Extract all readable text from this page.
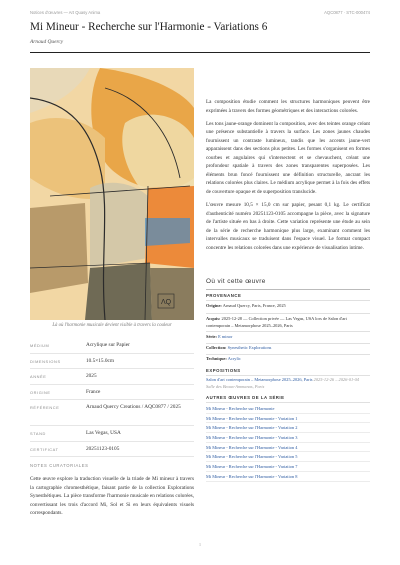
Notices d'œuvres — Art Quasy Anima	AQC0877 · STC-000474
Mi Mineur - Recherche sur l'Harmonie - Variations 6
Arnaud Quercy
ΛQ
Là où l'harmonie musicale devient visible à travers la couleur
MÉDIUM	Acrylique sur Papier
DIMENSIONS	10.5×15.0cm
ANNÉE	2025
ORIGINE	France
RÉFÉRENCE	Arnaud Quercy Creations / AQC0877 / 2025
STAND	Las Vegas, USA
CERTIFICAT	20251123-0105
NOTES CURATORIALES
Cette œuvre explore la traduction visuelle de la triade de Mi mineur à travers la cartographie chromesthétique, faisant partie de la collection Explorations Synesthétiques. La pièce transforme l'harmonie musicale en relations colorées, convertissant les trois d'accord Mi, Sol et Si en leurs équivalents visuels correspondants.

La composition étudie comment les structures harmoniques peuvent être exprimées à travers des formes géométriques et des interactions colorées.

Les tons jaune-orange dominent la composition, avec des teintes orange créant une présence substantielle à travers la surface. Les zones jaunes chaudes fournissent un contraste lumineux, tandis que les accents jaune-vert apparaissent dans des sections plus petites. Les formes s'organisent en formes courbes et angulaires qui s'intersectent et se chevauchent, créant une profondeur spatiale à travers des zones transparentes superposées. Les éléments brun foncé fournissent une définition structurelle, ancrant les relations colorées plus claires. Le médium acrylique permet à la fois des effets de couverture opaque et de superposition translucide.

L'œuvre mesure 10,5 × 15,0 cm sur papier, pesant 0,1 kg. Le certificat d'authenticité numéro 20251123-0105 accompagne la pièce, avec la signature de l'artiste située en bas à droite. Cette variation représente une étude au sein de la série de recherche harmonique plus large, examinant comment les intervalles musicaux se traduisent dans l'espace visuel. Le format compact concentre les relations colorées dans une expérience de visualisation intime.

Où vit cette œuvre
PROVENANCE
Origine: Arnaud Quercy, Paris, France, 2025
Acquis: 2025-12-28 — Collection privée — Las Vegas, USA lors de Salon d'art contemporain – Metamorphose 2025–2026, Paris
Série: E minor
Collection: Synesthetic Explorations
Technique: Acrylic
EXPOSITIONS
Salon d'art contemporain – Metamorphose 2025–2026, Paris 2025-12-26 – 2026-01-04
Salle des Beaux-Ammanas, Paris
AUTRES ŒUVRES DE LA SÉRIE
Mi Mineur - Recherche sur l'Harmonie
Mi Mineur - Recherche sur l'Harmonie - Variation 1
Mi Mineur - Recherche sur l'Harmonie - Variation 2
Mi Mineur - Recherche sur l'Harmonie - Variation 3
Mi Mineur - Recherche sur l'Harmonie - Variation 4
Mi Mineur - Recherche sur l'Harmonie - Variation 5
Mi Mineur - Recherche sur l'Harmonie - Variation 7
Mi Mineur - Recherche sur l'Harmonie - Variation 8
1
